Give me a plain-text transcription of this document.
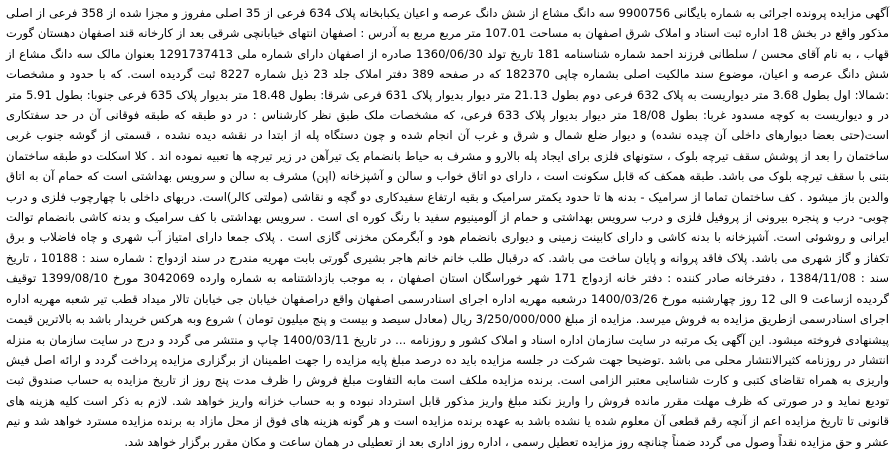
آگهی مزایده پرونده اجرائی به شماره بایگانی 9900756 سه دانگ مشاع از شش دانگ عرصه و اعیان یکبابخانه پلاک 634 فرعی از 35 اصلی مفروز و مجزا شده از 358 فرعی از اصلی مذکور واقع در بخش 18 اداره ثبت اسناد و املاک شرق اصفهان به مساحت 107.01 متر مربع مربع به آدرس : اصفهان انتهای خیابانچی شرقی بعد از کارخانه قند اصفهان دهستان گورت قهاب ، به نام آقای محسن / سلطانی فرزند احمد شماره شناسنامه 181 تاریخ تولد 1360/06/30 صادره از اصفهان دارای شماره ملی 1291737413 بعنوان مالک سه دانگ مشاع از شش دانگ عرصه و اعیان، موضوع سند مالکیت اصلی بشماره چاپی 182370 که در صفحه 389 دفتر املاک جلد 23 ذیل شماره 8227 ثبت گردیده است. که با حدود و مشخصات :شمالا: اول بطول 3.68 متر دیواریست به پلاک 632 فرعی دوم بطول 21.13 متر دیوار بدیوار پلاک 631 فرعی شرقا: بطول 18.48 متر بدیوار پلاک 635 فرعی جنوبا: بطول 5.91 متر در و دیواریست به کوچه مسدود غربا: بطول 18/08 متر دیوار بدیوار پلاک 633 فرعی، که مشخصات ملک طبق نظر کارشناس : در دو طبقه که طبقه فوقانی آن در حد سفتکاری است(حتی بعضا دیوارهای داخلی آن چیده نشده) و دیوار ضلع شمال و شرق و غرب آن انجام شده و چون دستگاه پله از ابتدا در نقشه دیده نشده ، قسمتی از گوشه جنوب غربی ساختمان را بعد از پوشش سقف تیرچه بلوک ، ستونهای فلزی برای ایجاد پله بالارو و مشرف به حیاط بانضمام یک تیرآهن در زیر تیرچه ها تعبیه نموده اند . کلا اسکلت دو طبقه ساختمان بتنی با سقف تیرچه بلوک می باشد. طبقه همکف که قابل سکونت است ، دارای دو اتاق خواب و سالن و آشپزخانه (اپن) مشرف به سالن و سرویس بهداشتی است که حمام آن به اتاق والدین باز میشود . کف ساختمان تماما از سرامیک - بدنه ها تا حدود یکمتر سرامیک و بقیه ارتفاع سفیدکاری دو گچه و نقاشی (مولتی کالر)است. دربهای داخلی با چهارچوب فلزی و درب چوبی- درب و پنجره بیرونی از پروفیل فلزی و درب سرویس بهداشتی و حمام از آلومینیوم سفید با رنگ کوره ای است . سرویس بهداشتی با کف سرامیک و بدنه کاشی بانضمام توالت ایرانی و روشوئی است. آشپزخانه با بدنه کاشی و دارای کابینت زمینی و دیواری بانضمام هود و آبگرمکن مخزنی گازی است . پلاک جمعا دارای امتیاز آب شهری و چاه فاضلاب و برق تکفاز و گاز شهری می باشد. پلاک فاقد پروانه و پایان ساخت می باشد. که درقبال طلب خانم خانم هاجر بشیری گورتی بابت مهریه مندرج در سند ازدواج : شماره سند : 10188 ، تاریخ سند : 1384/11/08 ، دفترخانه صادر کننده : دفتر خانه ازدواج 171 شهر خوراسگان استان اصفهان ، به موجب بازداشتنامه به شماره وارده 3042069 مورخ 1399/08/10 توقیف گردیده ازساعت 9 الی 12 روز چهارشنبه مورخ 1400/03/26 درشعبه مهریه اداره اجرای اسنادرسمی اصفهان واقع دراصفهان خیابان جی خیابان تالار میداد قطب تیر شعبه مهریه اداره اجرای اسنادرسمی ازطریق مزایده به فروش میرسد. مزایده از مبلغ 3/250/000/000 ریال (معادل سیصد و بیست و پنج میلیون تومان ) شروع وبه هرکس خریدار باشد به بالاترین قیمت پیشنهادی فروخته میشود. این آگهی یک مرتبه در سایت سازمان اداره اسناد و املاک کشور و روزنامه ... در تاریخ 1400/03/11 چاپ و منتشر می گردد و درج در سایت سازمان به منزله انتشار در روزنامه کثیرالانتشار محلی می باشد .توضیحا جهت شرکت در جلسه مزایده باید ده درصد مبلغ پایه مزایده را جهت اطمینان از برگزاری مزایده پرداخت گردد و ارائه اصل فیش واریزی به همراه تقاضای کتبی و کارت شناسایی معتبر الزامی است. برنده مزایده ملکف است مابه التفاوت مبلغ فروش را ظرف مدت پنج روز از تاریخ مزایده به حساب صندوق ثبت تودیع نماید و در صورتی که ظرف مهلت مقرر مانده فروش را واریز نکند مبلغ واریز مذکور قابل استرداد نبوده و به حساب خزانه واریز خواهد شد. لازم به ذکر است کلیه هزینه های قانونی تا تاریخ مزایده اعم از آنچه رقم قطعی آن معلوم شده یا نشده باشد به عهده برنده مزایده است و هر گونه هزینه های فوق از محل مازاد به برنده مزایده مسترد خواهد شد و نیم عشر و حق مزایده نقداً وصول می گردد ضمناً چنانچه روز مزایده تعطیل رسمی ، اداره روز اداری بعد از تعطیلی در همان ساعت و مکان مقرر برگزار خواهد شد.
